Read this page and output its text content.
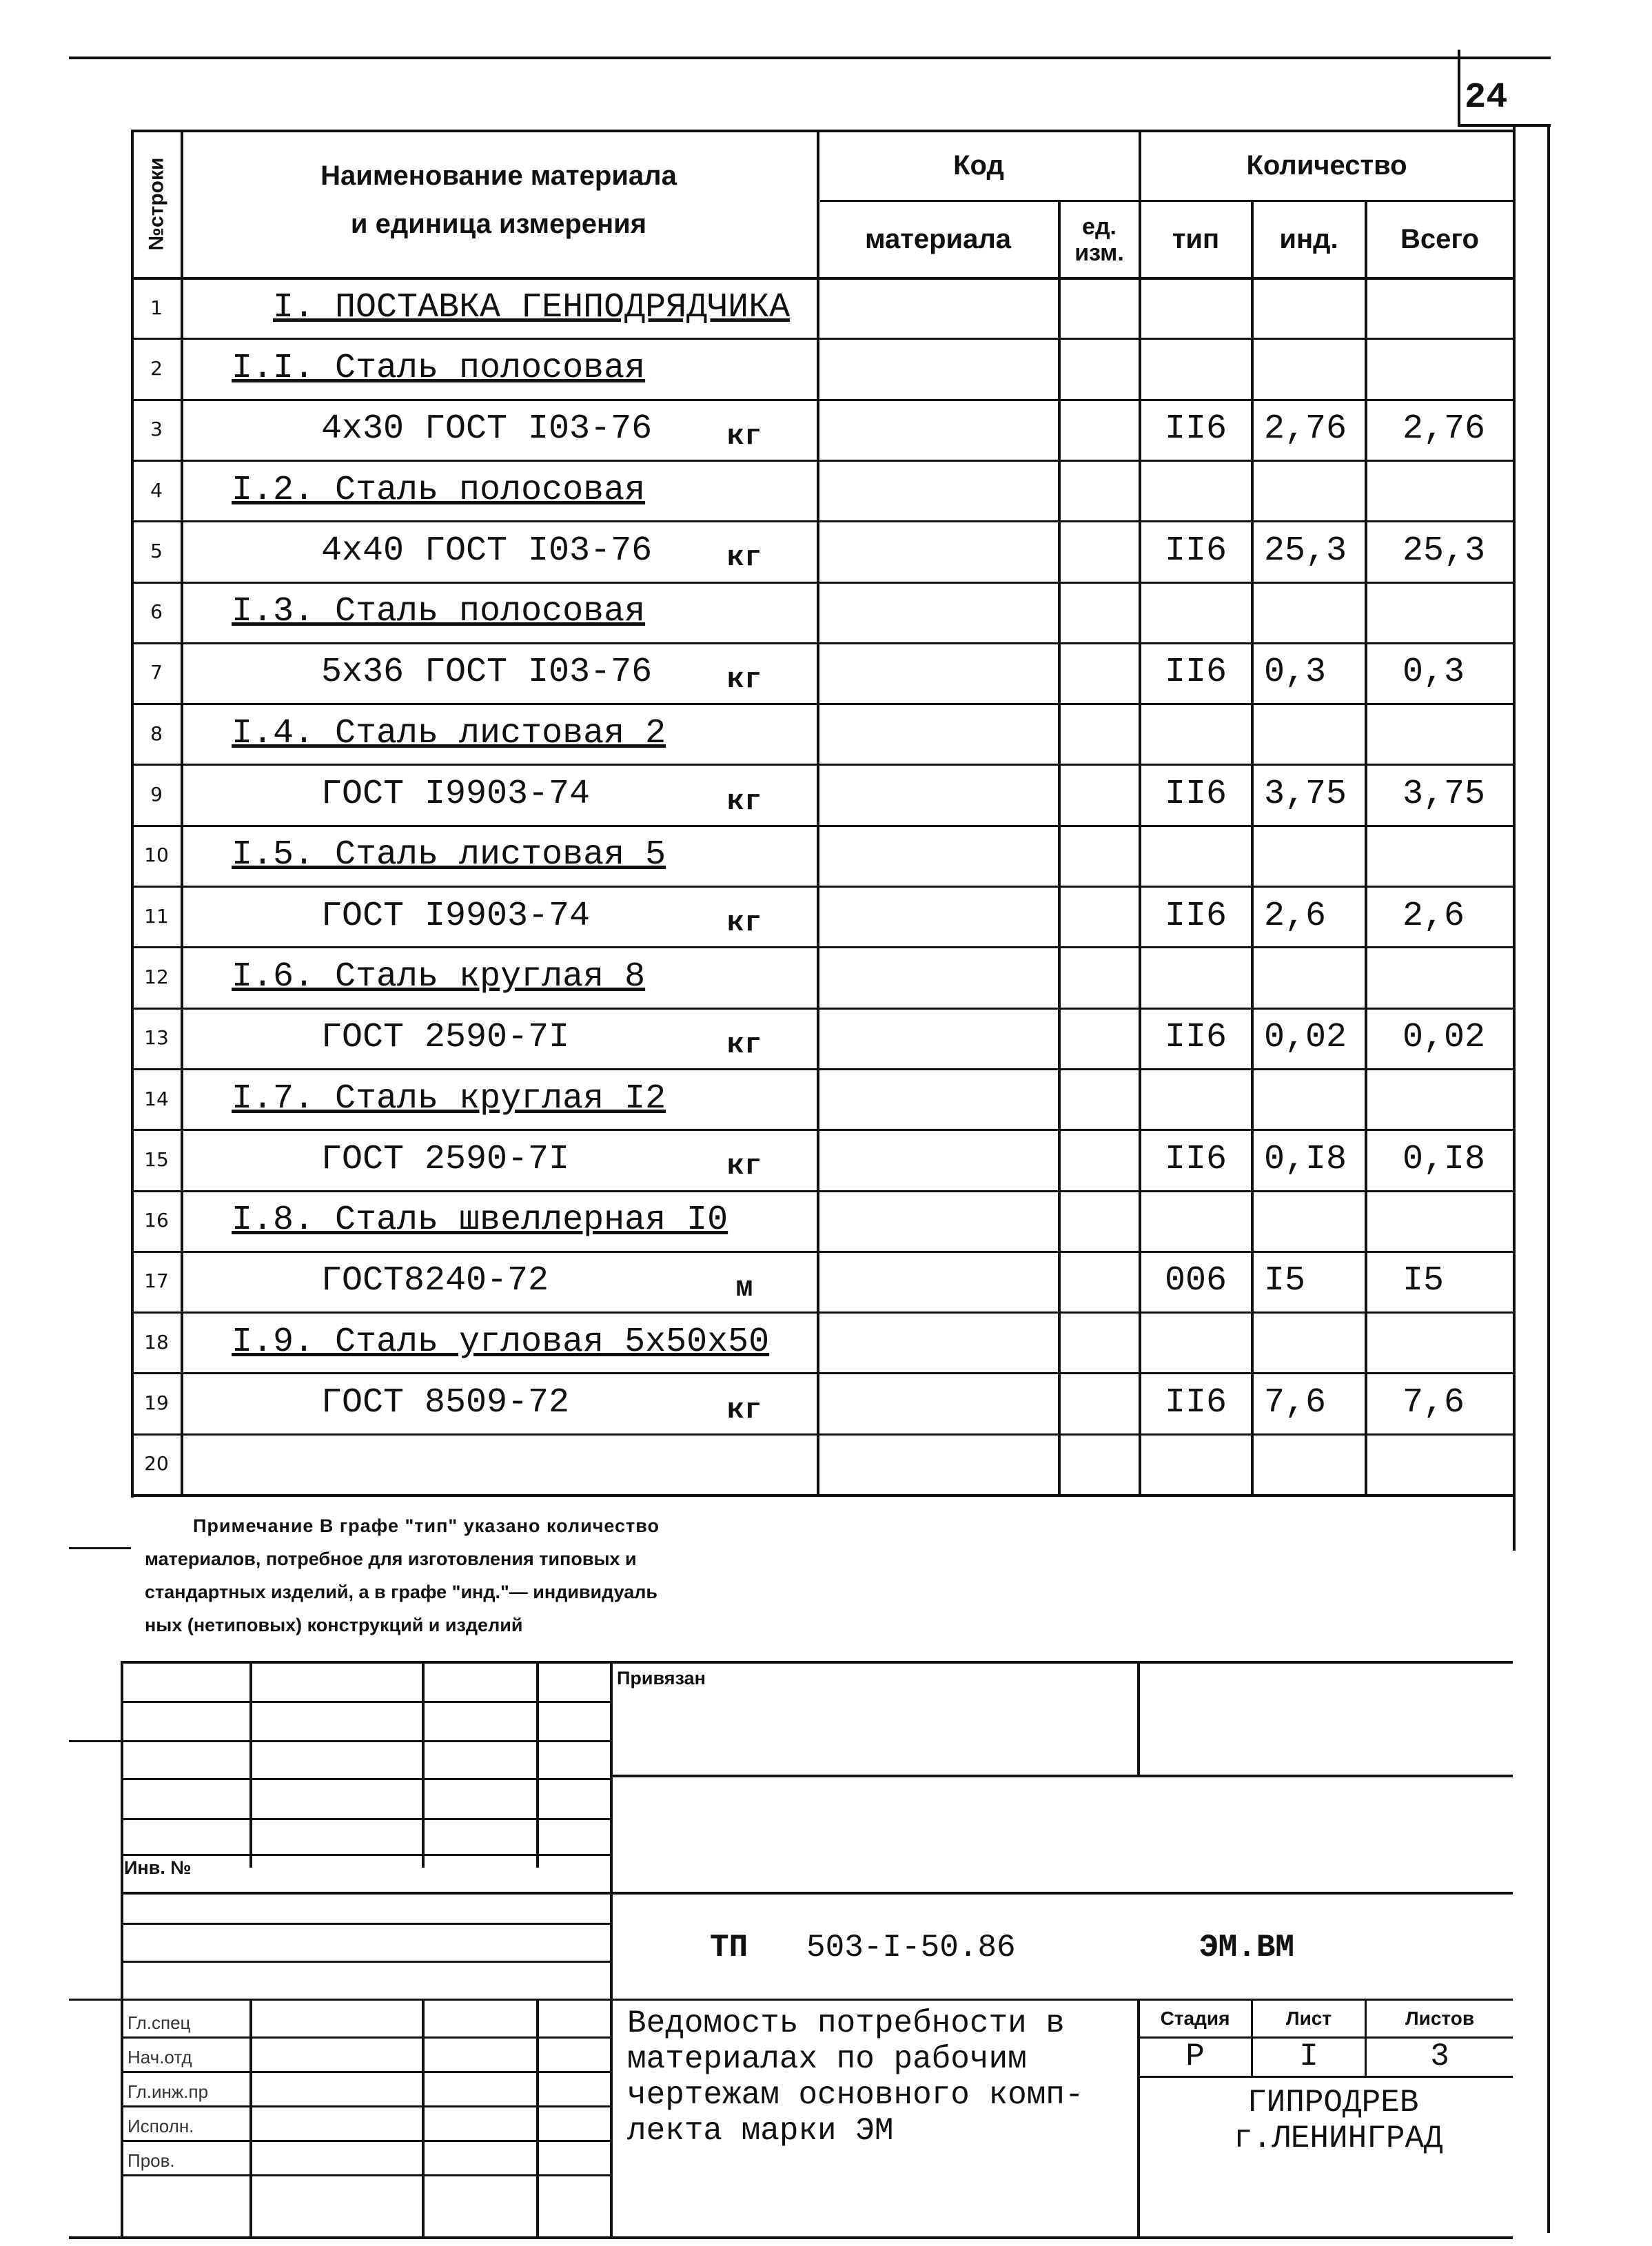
24
№строки	Наименование материала
и единица измерения
Код
материала	ед. изм.
Количество
тип	инд.	Всего
1	I. ПОСТАВКА ГЕНПОДРЯДЧИКА
2	I.I. Сталь полосовая
3	4х30 ГОСТ I03-76	кг	II6	2,76	2,76
4	I.2. Сталь полосовая
5	4х40 ГОСТ I03-76	кг	II6	25,3	25,3
6	I.3. Сталь полосовая
7	5х36 ГОСТ I03-76	кг	II6	0,3	0,3
8	I.4. Сталь листовая 2
9	ГОСТ I9903-74	кг	II6	3,75	3,75
10	I.5. Сталь листовая 5
11	ГОСТ I9903-74	кг	II6	2,6	2,6
12	I.6. Сталь круглая 8
13	ГОСТ 2590-7I	кг	II6	0,02	0,02
14	I.7. Сталь круглая I2
15	ГОСТ 2590-7I	кг	II6	0,I8	0,I8
16	I.8. Сталь швеллерная I0
17	ГОСТ8240-72	м	006	I5	I5
18	I.9. Сталь угловая 5х50х50
19	ГОСТ 8509-72	кг	II6	7,6	7,6
20
Примечание В графе "тип" указано количество
материалов, потребное для изготовления типовых и
стандартных изделий, а в графе "инд."— индивидуаль
ных (нетиповых) конструкций и изделий
Привязан
Инв. №
ТП 503-I-50.86	ЭМ.ВМ
Ведомость потребности в
материалах по рабочим
чертежам основного комп-
лекта марки ЭМ
Стадия	Лист	Листов
Р	I	3
ГИПРОДРЕВ
г.ЛЕНИНГРАД
Гл.спец
Нач.отд
Гл.инж.пр
Исполн.
Пров.
